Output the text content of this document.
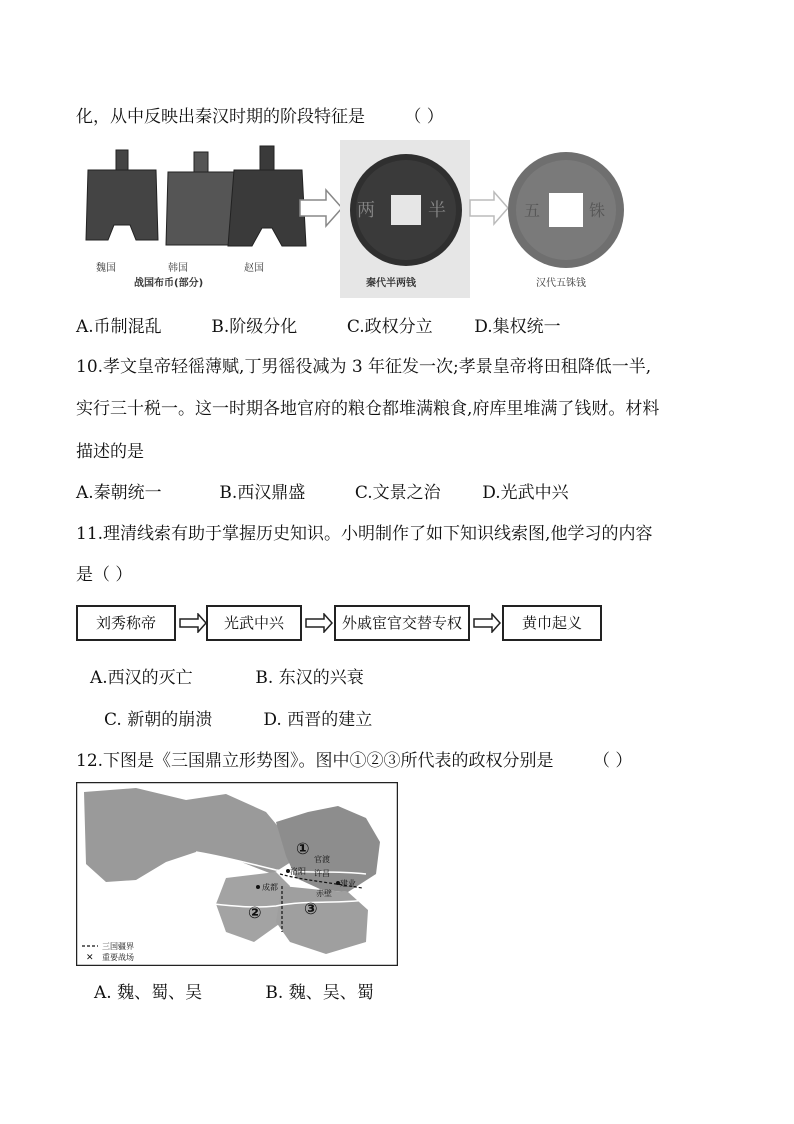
化，从中反映出秦汉时期的阶段特征是 （ ）
魏国	韩国	赵国
战国布币(部分)
两	半
秦代半两钱
五	铢
汉代五铢钱
A.币制混乱	B.阶级分化	C.政权分立 D.集权统一
10.孝文皇帝轻徭薄赋,丁男徭役减为 3 年征发一次;孝景皇帝将田租降低一半,
实行三十税一。这一时期各地官府的粮仓都堆满粮食,府库里堆满了钱财。材料
描述的是
A.秦朝统一	B.西汉鼎盛	C.文景之治 D.光武中兴
11.理清线索有助于掌握历史知识。小明制作了如下知识线索图,他学习的内容
是（ ）
刘秀称帝	光武中兴	外戚宦官交替专权	黄巾起义
A.西汉的灭亡	B. 东汉的兴衰
C. 新朝的崩溃	D. 西晋的建立
12.下图是《三国鼎立形势图》。图中①②③所代表的政权分别是 （ ）
①
②	③
官渡
洛阳 许昌
成都
赤壁
建业
三国疆界
✕ 重要战场
A. 魏、蜀、吴	B. 魏、吴、蜀
